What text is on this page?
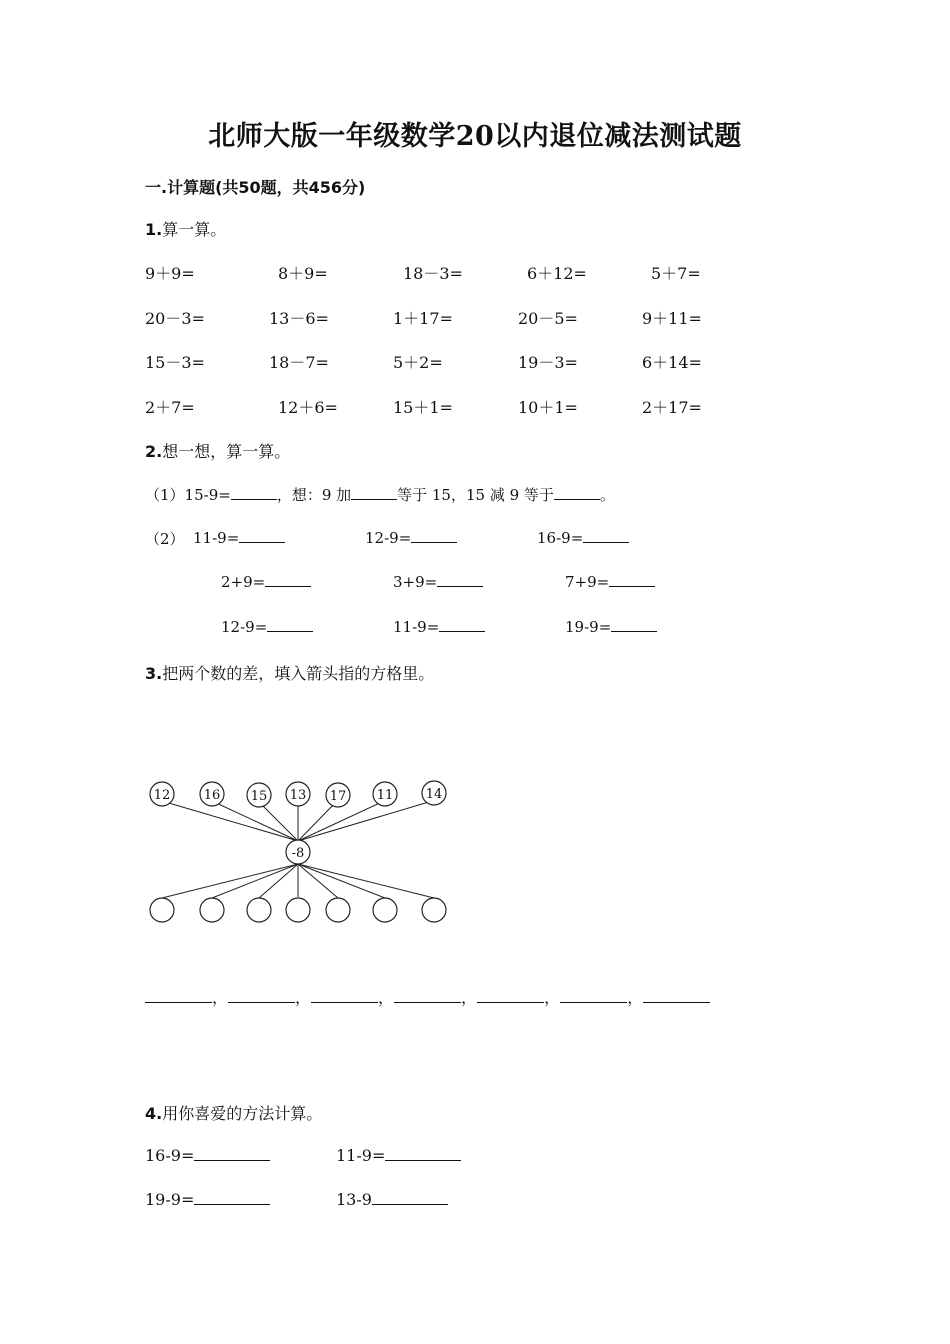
北师大版一年级数学20以内退位减法测试题
一.计算题(共50题，共456分)
1.算一算。
9＋9=	8＋9=	18－3=	6＋12=	5＋7=
20－3=	13－6=	1＋17=	20－5=	9＋11=
15－3=	18－7=	5＋2=	19－3=	6＋14=
2＋7=	12＋6=	15＋1=	10＋1=	2＋17=
2.想一想，算一算。
（1）15-9=	，想：9 加	等于 15，15 减 9 等于	。
（2） 11-9=	12-9=	16-9=
2+9=	3+9=	7+9=
12-9=	11-9=	19-9=
3.把两个数的差，填入箭头指的方格里。
12	16 15 13 17 11 14
-8
，	，	，	，	，	，
4.用你喜爱的方法计算。
16-9=	11-9=
19-9=	13-9
